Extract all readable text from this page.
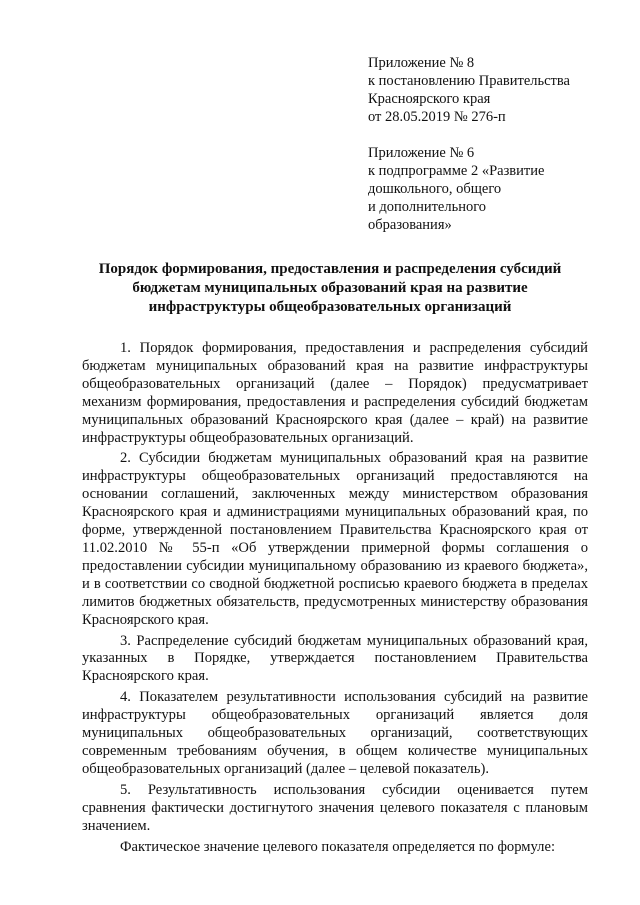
Приложение № 8
к постановлению Правительства
Красноярского края
от 28.05.2019 № 276-п
Приложение № 6
к подпрограмме 2 «Развитие
дошкольного, общего
и дополнительного
образования»
Порядок формирования, предоставления и распределения субсидий
бюджетам муниципальных образований края на развитие
инфраструктуры общеобразовательных организаций

1. Порядок формирования, предоставления и распределения субсидий бюджетам муниципальных образований края на развитие инфраструктуры общеобразовательных организаций (далее – Порядок) предусматривает механизм формирования, предоставления и распределения субсидий бюджетам муниципальных образований Красноярского края (далее – край) на развитие инфраструктуры общеобразовательных организаций.

2. Субсидии бюджетам муниципальных образований края на развитие инфраструктуры общеобразовательных организаций предоставляются на основании соглашений, заключенных между министерством образования Красноярского края и администрациями муниципальных образований края, по форме, утвержденной постановлением Правительства Красноярского края от 11.02.2010 № 55-п «Об утверждении примерной формы соглашения о предоставлении субсидии муниципальному образованию из краевого бюджета», и в соответствии со сводной бюджетной росписью краевого бюджета в пределах лимитов бюджетных обязательств, предусмотренных министерству образования Красноярского края.

3. Распределение субсидий бюджетам муниципальных образований края, указанных в Порядке, утверждается постановлением Правительства Красноярского края.

4. Показателем результативности использования субсидий на развитие инфраструктуры общеобразовательных организаций является доля муниципальных общеобразовательных организаций, соответствующих современным требованиям обучения, в общем количестве муниципальных общеобразовательных организаций (далее – целевой показатель).

5. Результативность использования субсидии оценивается путем сравнения фактически достигнутого значения целевого показателя с плановым значением.

Фактическое значение целевого показателя определяется по формуле:
